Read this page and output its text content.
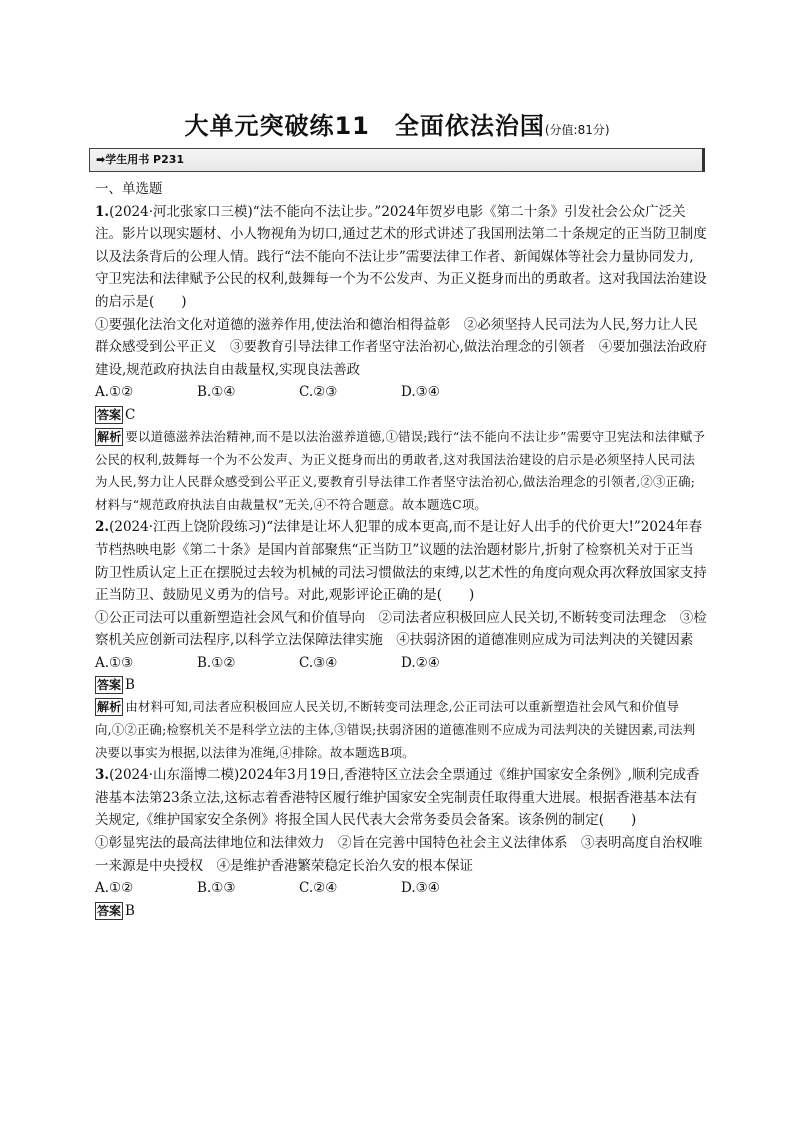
大单元突破练11　全面依法治国(分值:81分)
➡学生用书 P231

一、单选题

1.(2024·河北张家口三模)“法不能向不法让步。”2024年贺岁电影《第二十条》引发社会公众广泛关注。影片以现实题材、小人物视角为切口,通过艺术的形式讲述了我国刑法第二十条规定的正当防卫制度以及法条背后的公理人情。践行“法不能向不法让步”需要法律工作者、新闻媒体等社会力量协同发力,守卫宪法和法律赋予公民的权利,鼓舞每一个为不公发声、为正义挺身而出的勇敢者。这对我国法治建设的启示是(　　)

①要强化法治文化对道德的滋养作用,使法治和德治相得益彰　②必须坚持人民司法为人民,努力让人民群众感受到公平正义　③要教育引导法律工作者坚守法治初心,做法治理念的引领者　④要加强法治政府建设,规范政府执法自由裁量权,实现良法善政

A.①②	B.①④	C.②③	D.③④

答案 C

解析 要以道德滋养法治精神,而不是以法治滋养道德,①错误;践行“法不能向不法让步”需要守卫宪法和法律赋予公民的权利,鼓舞每一个为不公发声、为正义挺身而出的勇敢者,这对我国法治建设的启示是必须坚持人民司法为人民,努力让人民群众感受到公平正义,要教育引导法律工作者坚守法治初心,做法治理念的引领者,②③正确;材料与“规范政府执法自由裁量权”无关,④不符合题意。故本题选C项。

2.(2024·江西上饶阶段练习)“法律是让坏人犯罪的成本更高,而不是让好人出手的代价更大!”2024年春节档热映电影《第二十条》是国内首部聚焦“正当防卫”议题的法治题材影片,折射了检察机关对于正当防卫性质认定上正在摆脱过去较为机械的司法习惯做法的束缚,以艺术性的角度向观众再次释放国家支持正当防卫、鼓励见义勇为的信号。对此,观影评论正确的是(　　)

①公正司法可以重新塑造社会风气和价值导向　②司法者应积极回应人民关切,不断转变司法理念　③检察机关应创新司法程序,以科学立法保障法律实施　④扶弱济困的道德准则应成为司法判决的关键因素

A.①③	B.①②	C.③④	D.②④

答案 B

解析 由材料可知,司法者应积极回应人民关切,不断转变司法理念,公正司法可以重新塑造社会风气和价值导向,①②正确;检察机关不是科学立法的主体,③错误;扶弱济困的道德准则不应成为司法判决的关键因素,司法判决要以事实为根据,以法律为准绳,④排除。故本题选B项。

3.(2024·山东淄博二模)2024年3月19日,香港特区立法会全票通过《维护国家安全条例》,顺利完成香港基本法第23条立法,这标志着香港特区履行维护国家安全宪制责任取得重大进展。根据香港基本法有关规定,《维护国家安全条例》将报全国人民代表大会常务委员会备案。该条例的制定(　　)

①彰显宪法的最高法律地位和法律效力　②旨在完善中国特色社会主义法律体系　③表明高度自治权唯一来源是中央授权　④是维护香港繁荣稳定长治久安的根本保证

A.①②	B.①③	C.②④	D.③④

答案 B
